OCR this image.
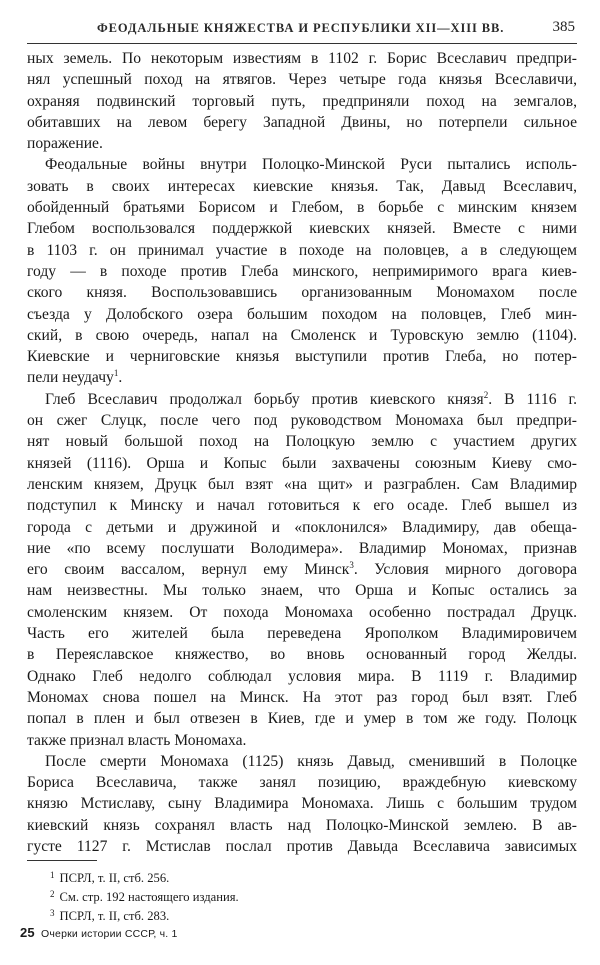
ФЕОДАЛЬНЫЕ КНЯЖЕСТВА И РЕСПУБЛИКИ XII—XIII ВВ.	385
ных земель. По некоторым известиям в 1102 г. Борис Всеславич предпри-
нял успешный поход на ятвягов. Через четыре года князья Всеславичи,
охраняя подвинский торговый путь, предприняли поход на земгалов,
обитавших на левом берегу Западной Двины, но потерпели сильное
поражение.
Феодальные войны внутри Полоцко-Минской Руси пытались исполь-
зовать в своих интересах киевские князья. Так, Давыд Всеславич,
обойденный братьями Борисом и Глебом, в борьбе с минским князем
Глебом воспользовался поддержкой киевских князей. Вместе с ними
в 1103 г. он принимал участие в походе на половцев, а в следующем
году — в походе против Глеба минского, непримиримого врага киев-
ского князя. Воспользовавшись организованным Мономахом после
съезда у Долобского озера большим походом на половцев, Глеб мин-
ский, в свою очередь, напал на Смоленск и Туровскую землю (1104).
Киевские и черниговские князья выступили против Глеба, но потер-
пели неудачу$^1$.
Глеб Всеславич продолжал борьбу против киевского князя$^2$. В 1116 г.
он сжег Слуцк, после чего под руководством Мономаха был предпри-
нят новый большой поход на Полоцкую землю с участием других
князей (1116). Орша и Копыс были захвачены союзным Киеву смо-
ленским князем, Друцк был взят «на щит» и разграблен. Сам Владимир
подступил к Минску и начал готовиться к его осаде. Глеб вышел из
города с детьми и дружиной и «поклонился» Владимиру, дав обеща-
ние «по всему послушати Володимера». Владимир Мономах, признав
его своим вассалом, вернул ему Минск$^3$. Условия мирного договора
нам неизвестны. Мы только знаем, что Орша и Копыс остались за
смоленским князем. От похода Мономаха особенно пострадал Друцк.
Часть его жителей была переведена Ярополком Владимировичем
в Переяславское княжество, во вновь основанный город Желды.
Однако Глеб недолго соблюдал условия мира. В 1119 г. Владимир
Мономах снова пошел на Минск. На этот раз город был взят. Глеб
попал в плен и был отвезен в Киев, где и умер в том же году. Полоцк
также признал власть Мономаха.
После смерти Мономаха (1125) князь Давыд, сменивший в Полоцке
Бориса Всеславича, также занял позицию, враждебную киевскому
князю Мстиславу, сыну Владимира Мономаха. Лишь с большим трудом
киевский князь сохранял власть над Полоцко-Минской землею. В ав-
густе 1127 г. Мстислав послал против Давыда Всеславича зависимых
$^1$ ПСРЛ, т. II, стб. 256.
$^2$ См. стр. 192 настоящего издания.
$^3$ ПСРЛ, т. II, стб. 283.
25 Очерки истории СССР, ч. 1
